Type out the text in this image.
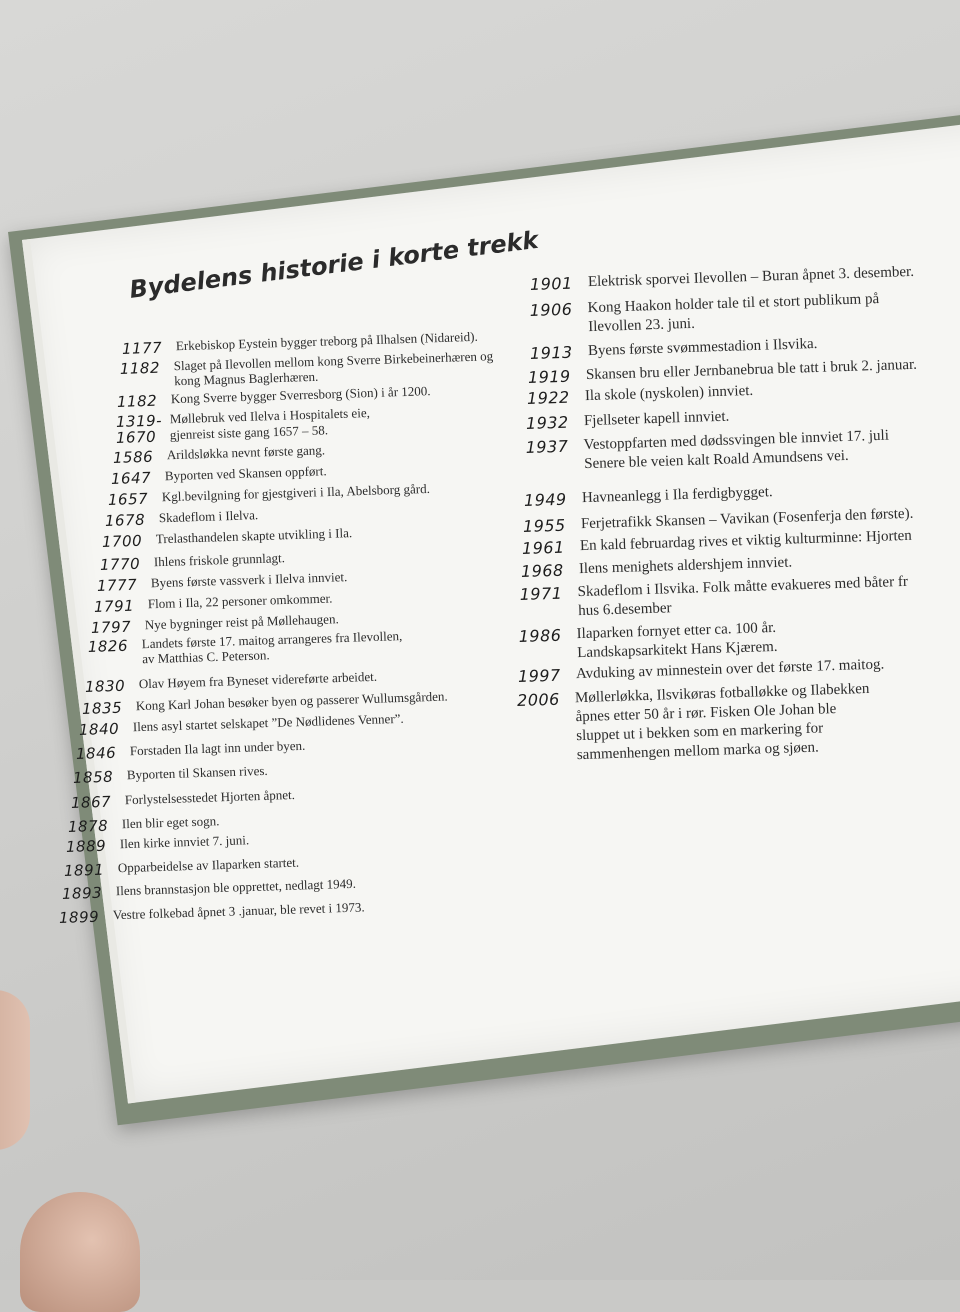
Bydelens historie i korte trekk
1177 Erkebiskop Eystein bygger treborg på Ilhalsen (Nidareid).
1182 Slaget på Ilevollen mellom kong Sverre Birkebeinerhæren og
kong Magnus Baglerhæren.
1182 Kong Sverre bygger Sverresborg (Sion) i år 1200.
1319- Møllebruk ved Ilelva i Hospitalets eie,
1670 gjenreist siste gang 1657 – 58.
1586 Arildsløkka nevnt første gang.
1647 Byporten ved Skansen oppført.
1657 Kgl.bevilgning for gjestgiveri i Ila, Abelsborg gård.
1678 Skadeflom i Ilelva.
1700 Trelasthandelen skapte utvikling i Ila.
1770 Ihlens friskole grunnlagt.
1777 Byens første vassverk i Ilelva innviet.
1791 Flom i Ila, 22 personer omkommer.
1797 Nye bygninger reist på Møllehaugen.
1826 Landets første 17. maitog arrangeres fra Ilevollen,
av Matthias C. Peterson.
1830 Olav Høyem fra Byneset videreførte arbeidet.
1835 Kong Karl Johan besøker byen og passerer Wullumsgården.
1840 Ilens asyl startet selskapet ”De Nødlidenes Venner”.
1846 Forstaden Ila lagt inn under byen.
1858 Byporten til Skansen rives.
1867 Forlystelsesstedet Hjorten åpnet.
1878 Ilen blir eget sogn.
1889 Ilen kirke innviet 7. juni.
1891 Opparbeidelse av Ilaparken startet.
1893 Ilens brannstasjon ble opprettet, nedlagt 1949.
1899 Vestre folkebad åpnet 3 .januar, ble revet i 1973.
1901 Elektrisk sporvei Ilevollen – Buran åpnet 3. desember.
1906 Kong Haakon holder tale til et stort publikum på
Ilevollen 23. juni.
1913 Byens første svømmestadion i Ilsvika.
1919 Skansen bru eller Jernbanebrua ble tatt i bruk 2. januar.
1922 Ila skole (nyskolen) innviet.
1932 Fjellseter kapell innviet.
1937 Vestoppfarten med dødssvingen ble innviet 17. juli
Senere ble veien kalt Roald Amundsens vei.
1949 Havneanlegg i Ila ferdigbygget.
1955 Ferjetrafikk Skansen – Vavikan (Fosenferja den første).
1961 En kald februardag rives et viktig kulturminne: Hjorten
1968 Ilens menighets aldershjem innviet.
1971 Skadeflom i Ilsvika. Folk måtte evakueres med båter fr
hus 6.desember
1986 Ilaparken fornyet etter ca. 100 år.
Landskapsarkitekt Hans Kjærem.
1997 Avduking av minnestein over det første 17. maitog.
2006 Møllerløkka, Ilsvikøras fotballøkke og Ilabekken
åpnes etter 50 år i rør. Fisken Ole Johan ble
sluppet ut i bekken som en markering for
sammenhengen mellom marka og sjøen.
